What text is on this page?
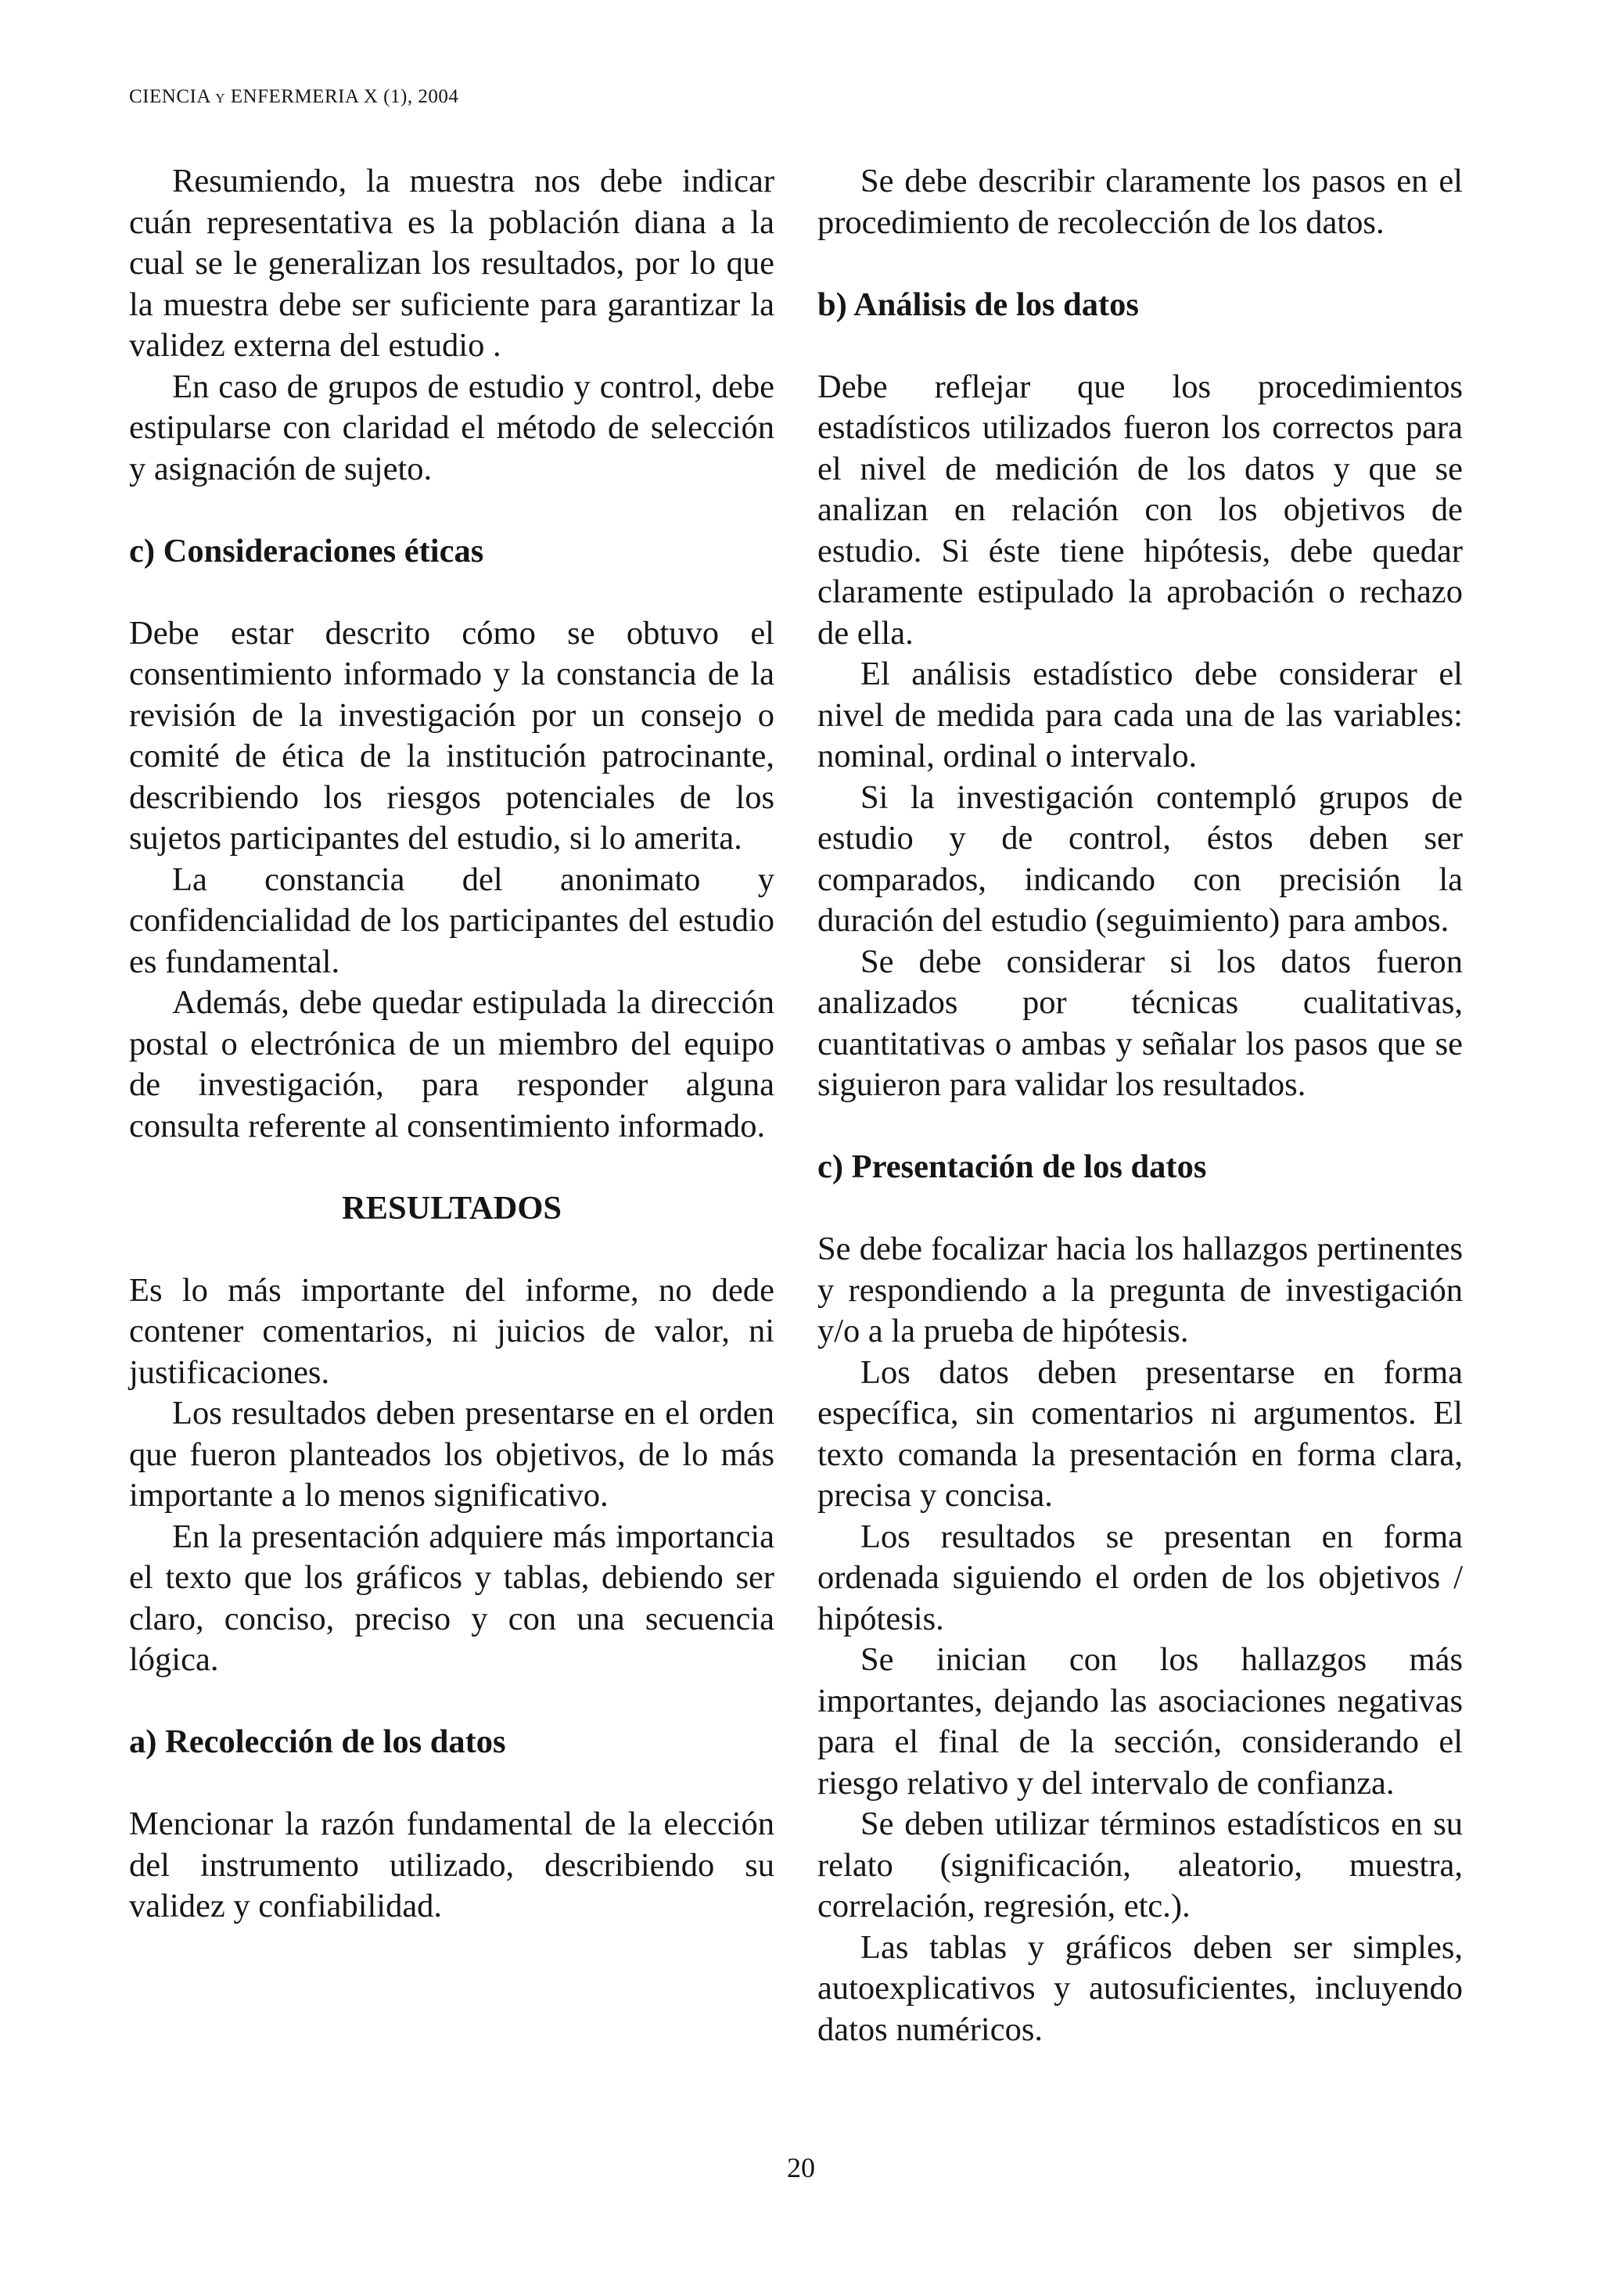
CIENCIA Y ENFERMERIA X (1), 2004

Resumiendo, la muestra nos debe indicar cuán representativa es la población diana a la cual se le generalizan los resultados, por lo que la muestra debe ser suficiente para garantizar la validez externa del estudio .

En caso de grupos de estudio y control, debe estipularse con claridad el método de selección y asignación de sujeto.

c) Consideraciones éticas

Debe estar descrito cómo se obtuvo el consentimiento informado y la constancia de la revisión de la investigación por un consejo o comité de ética de la institución patrocinante, describiendo los riesgos potenciales de los sujetos participantes del estudio, si lo amerita.

La constancia del anonimato y confidencialidad de los participantes del estudio es fundamental.

Además, debe quedar estipulada la dirección postal o electrónica de un miembro del equipo de investigación, para responder alguna consulta referente al consentimiento informado.

RESULTADOS

Es lo más importante del informe, no dede contener comentarios, ni juicios de valor, ni justificaciones.

Los resultados deben presentarse en el orden que fueron planteados los objetivos, de lo más importante a lo menos significativo.

En la presentación adquiere más importancia el texto que los gráficos y tablas, debiendo ser claro, conciso, preciso y con una secuencia lógica.

a) Recolección de los datos

Mencionar la razón fundamental de la elección del instrumento utilizado, describiendo su validez y confiabilidad.

Se debe describir claramente los pasos en el procedimiento de recolección de los datos.

b) Análisis de los datos

Debe reflejar que los procedimientos estadísticos utilizados fueron los correctos para el nivel de medición de los datos y que se analizan en relación con los objetivos de estudio. Si éste tiene hipótesis, debe quedar claramente estipulado la aprobación o rechazo de ella.

El análisis estadístico debe considerar el nivel de medida para cada una de las variables: nominal, ordinal o intervalo.

Si la investigación contempló grupos de estudio y de control, éstos deben ser comparados, indicando con precisión la duración del estudio (seguimiento) para ambos.

Se debe considerar si los datos fueron analizados por técnicas cualitativas, cuantitativas o ambas y señalar los pasos que se siguieron para validar los resultados.

c) Presentación de los datos

Se debe focalizar hacia los hallazgos pertinentes y respondiendo a la pregunta de investigación y/o a la prueba de hipótesis.

Los datos deben presentarse en forma específica, sin comentarios ni argumentos. El texto comanda la presentación en forma clara, precisa y concisa.

Los resultados se presentan en forma ordenada siguiendo el orden de los objetivos / hipótesis.

Se inician con los hallazgos más importantes, dejando las asociaciones negativas para el final de la sección, considerando el riesgo relativo y del intervalo de confianza.

Se deben utilizar términos estadísticos en su relato (significación, aleatorio, muestra, correlación, regresión, etc.).

Las tablas y gráficos deben ser simples, autoexplicativos y autosuficientes, incluyendo datos numéricos.

20
